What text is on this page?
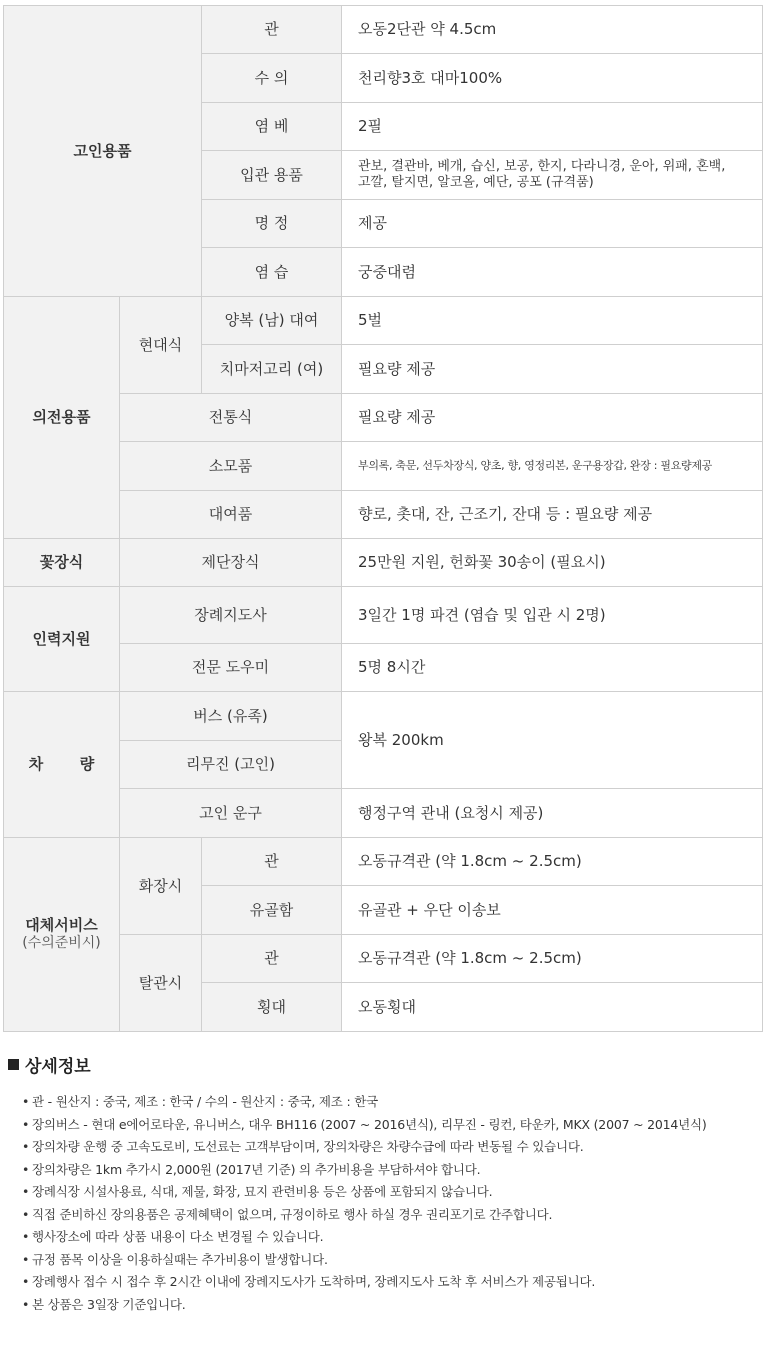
고인용품		관	오동2단관 약 4.5cm
		수 의	천리향3호 대마100%
		염 베	2필
		입관 용품	관보, 결관바, 베개, 습신, 보공, 한지, 다라니경, 운아, 위패, 혼백,
고깔, 탈지면, 알코올, 예단, 공포 (규격품)

		명 정	제공
		염 습	궁중대렴
의전용품	현대식	양복 (남) 대여	5벌
		치마저고리 (여)	필요량 제공
	전통식		필요량 제공
	소모품		부의록, 축문, 선두차장식, 양초, 향, 영정리본, 운구용장갑, 완장 : 필요량제공
	대여품		향로, 촛대, 잔, 근조기, 잔대 등 : 필요량 제공
꽃장식	제단장식		25만원 지원, 헌화꽃 30송이 (필요시)
인력지원	장례지도사		3일간 1명 파견 (염습 및 입관 시 2명)
	전문 도우미		5명 8시간
차       량	버스 (유족)		왕복 200km
	리무진 (고인)		
	고인 운구		행정구역 관내 (요청시 제공)
대체서비스
(수의준비시)	화장시	관	오동규격관 (약 1.8cm ~ 2.5cm)
		유골함	유골관 + 우단 이송보
	탈관시	관	오동규격관 (약 1.8cm ~ 2.5cm)
		횡대	오동횡대
상세정보
• 관 - 원산지 : 중국, 제조 : 한국 / 수의 - 원산지 : 중국, 제조 : 한국
• 장의버스 - 현대 e에어로타운, 유니버스, 대우 BH116 (2007 ~ 2016년식), 리무진 - 링컨, 타운카, MKX (2007 ~ 2014년식)
• 장의차량 운행 중 고속도로비, 도선료는 고객부담이며, 장의차량은 차량수급에 따라 변동될 수 있습니다.
• 장의차량은 1km 추가시 2,000원 (2017년 기준) 의 추가비용을 부담하셔야 합니다.
• 장례식장 시설사용료, 식대, 제물, 화장, 묘지 관련비용 등은 상품에 포함되지 않습니다.
• 직접 준비하신 장의용품은 공제혜택이 없으며, 규정이하로 행사 하실 경우 권리포기로 간주합니다.
• 행사장소에 따라 상품 내용이 다소 변경될 수 있습니다.
• 규정 품목 이상을 이용하실때는 추가비용이 발생합니다.
• 장례행사 접수 시 접수 후 2시간 이내에 장례지도사가 도착하며, 장례지도사 도착 후 서비스가 제공됩니다.
• 본 상품은 3일장 기준입니다.
